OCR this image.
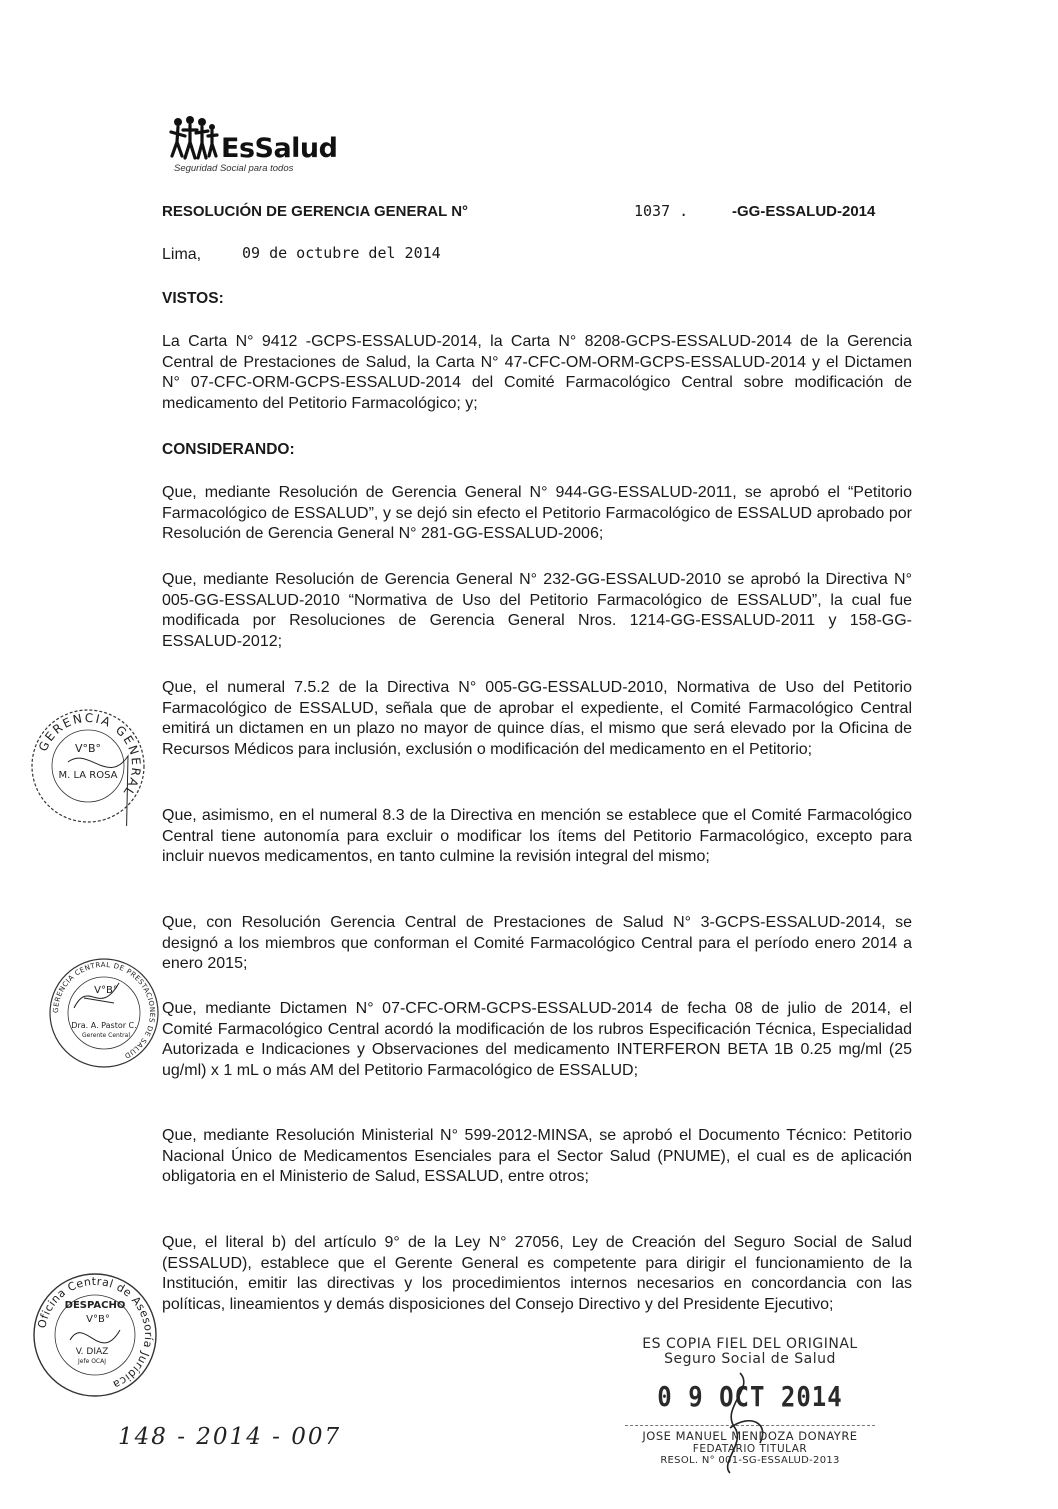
EsSalud
Seguridad Social para todos
RESOLUCIÓN DE GERENCIA GENERAL N°	1037 .	-GG-ESSALUD-2014
Lima,	09 de octubre del 2014
VISTOS:

La Carta N° 9412 -GCPS-ESSALUD-2014, la Carta N° 8208-GCPS-ESSALUD-2014 de la Gerencia Central de Prestaciones de Salud, la Carta N° 47-CFC-OM-ORM-GCPS-ESSALUD-2014 y el Dictamen N° 07-CFC-ORM-GCPS-ESSALUD-2014 del Comité Farmacológico Central sobre modificación de medicamento del Petitorio Farmacológico; y;

CONSIDERANDO:

Que, mediante Resolución de Gerencia General N° 944-GG-ESSALUD-2011, se aprobó el “Petitorio Farmacológico de ESSALUD”, y se dejó sin efecto el Petitorio Farmacológico de ESSALUD aprobado por Resolución de Gerencia General N° 281-GG-ESSALUD-2006;

Que, mediante Resolución de Gerencia General N° 232-GG-ESSALUD-2010 se aprobó la Directiva N° 005-GG-ESSALUD-2010 “Normativa de Uso del Petitorio Farmacológico de ESSALUD”, la cual fue modificada por Resoluciones de Gerencia General Nros. 1214-GG-ESSALUD-2011 y 158-GG-ESSALUD-2012;

Que, el numeral 7.5.2 de la Directiva N° 005-GG-ESSALUD-2010, Normativa de Uso del Petitorio Farmacológico de ESSALUD, señala que de aprobar el expediente, el Comité Farmacológico Central emitirá un dictamen en un plazo no mayor de quince días, el mismo que será elevado por la Oficina de Recursos Médicos para inclusión, exclusión o modificación del medicamento en el Petitorio;

Que, asimismo, en el numeral 8.3 de la Directiva en mención se establece que el Comité Farmacológico Central tiene autonomía para excluir o modificar los ítems del Petitorio Farmacológico, excepto para incluir nuevos medicamentos, en tanto culmine la revisión integral del mismo;

Que, con Resolución Gerencia Central de Prestaciones de Salud N° 3-GCPS-ESSALUD-2014, se designó a los miembros que conforman el Comité Farmacológico Central para el período enero 2014 a enero 2015;

Que, mediante Dictamen N° 07-CFC-ORM-GCPS-ESSALUD-2014 de fecha 08 de julio de 2014, el Comité Farmacológico Central acordó la modificación de los rubros Especificación Técnica, Especialidad Autorizada e Indicaciones y Observaciones del medicamento INTERFERON BETA 1B 0.25 mg/ml (25 ug/ml) x 1 mL o más AM del Petitorio Farmacológico de ESSALUD;

Que, mediante Resolución Ministerial N° 599-2012-MINSA, se aprobó el Documento Técnico: Petitorio Nacional Único de Medicamentos Esenciales para el Sector Salud (PNUME), el cual es de aplicación obligatoria en el Ministerio de Salud, ESSALUD, entre otros;

Que, el literal b) del artículo 9° de la Ley N° 27056, Ley de Creación del Seguro Social de Salud (ESSALUD), establece que el Gerente General es competente para dirigir el funcionamiento de la Institución, emitir las directivas y los procedimientos internos necesarios en concordancia con las políticas, lineamientos y demás disposiciones del Consejo Directivo y del Presidente Ejecutivo;

GERENCIA GENERAL
V°B°
M. LA ROSA
GERENCIA CENTRAL DE PRESTACIONES DE SALUD
V°B°
Dra. A. Pastor C.
Gerente Central
Oficina Central de Asesoría Jurídica
DESPACHO
V°B°
V. DIAZ
Jefe OCAJ
ES COPIA FIEL DEL ORIGINAL
Seguro Social de Salud
0 9 OCT 2014
JOSE MANUEL MENDOZA DONAYRE
FEDATARIO TITULAR
RESOL. N° 001-SG-ESSALUD-2013
148 - 2014 - 007
